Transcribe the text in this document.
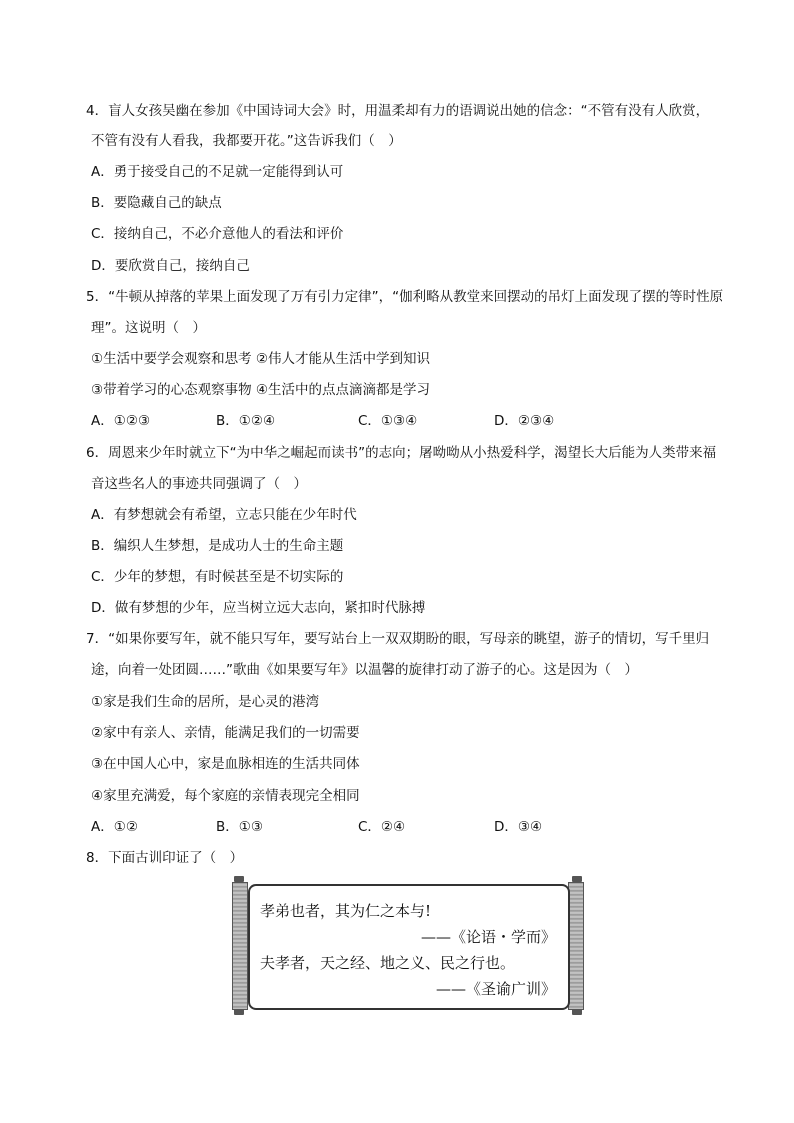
4．盲人女孩吴幽在参加《中国诗词大会》时，用温柔却有力的语调说出她的信念：“不管有没有人欣赏，
不管有没有人看我，我都要开花。”这告诉我们（　）
A．勇于接受自己的不足就一定能得到认可
B．要隐藏自己的缺点
C．接纳自己，不必介意他人的看法和评价
D．要欣赏自己，接纳自己
5．“牛顿从掉落的苹果上面发现了万有引力定律”，“伽利略从教堂来回摆动的吊灯上面发现了摆的等时性原
理”。这说明（　）
①生活中要学会观察和思考 ②伟人才能从生活中学到知识
③带着学习的心态观察事物 ④生活中的点点滴滴都是学习
A．①②③	B．①②④	C．①③④	D．②③④
6．周恩来少年时就立下“为中华之崛起而读书”的志向；屠呦呦从小热爱科学，渴望长大后能为人类带来福
音这些名人的事迹共同强调了（　）
A．有梦想就会有希望，立志只能在少年时代
B．编织人生梦想，是成功人士的生命主题
C．少年的梦想，有时候甚至是不切实际的
D．做有梦想的少年，应当树立远大志向，紧扣时代脉搏
7．“如果你要写年，就不能只写年，要写站台上一双双期盼的眼，写母亲的眺望，游子的情切，写千里归
途，向着一处团圆……”歌曲《如果要写年》以温馨的旋律打动了游子的心。这是因为（　）
①家是我们生命的居所，是心灵的港湾
②家中有亲人、亲情，能满足我们的一切需要
③在中国人心中，家是血脉相连的生活共同体
④家里充满爱，每个家庭的亲情表现完全相同
A．①②	B．①③	C．②④	D．③④
8．下面古训印证了（　）
孝弟也者，其为仁之本与!
——《论语・学而》
夫孝者，天之经、地之义、民之行也。
——《圣谕广训》
